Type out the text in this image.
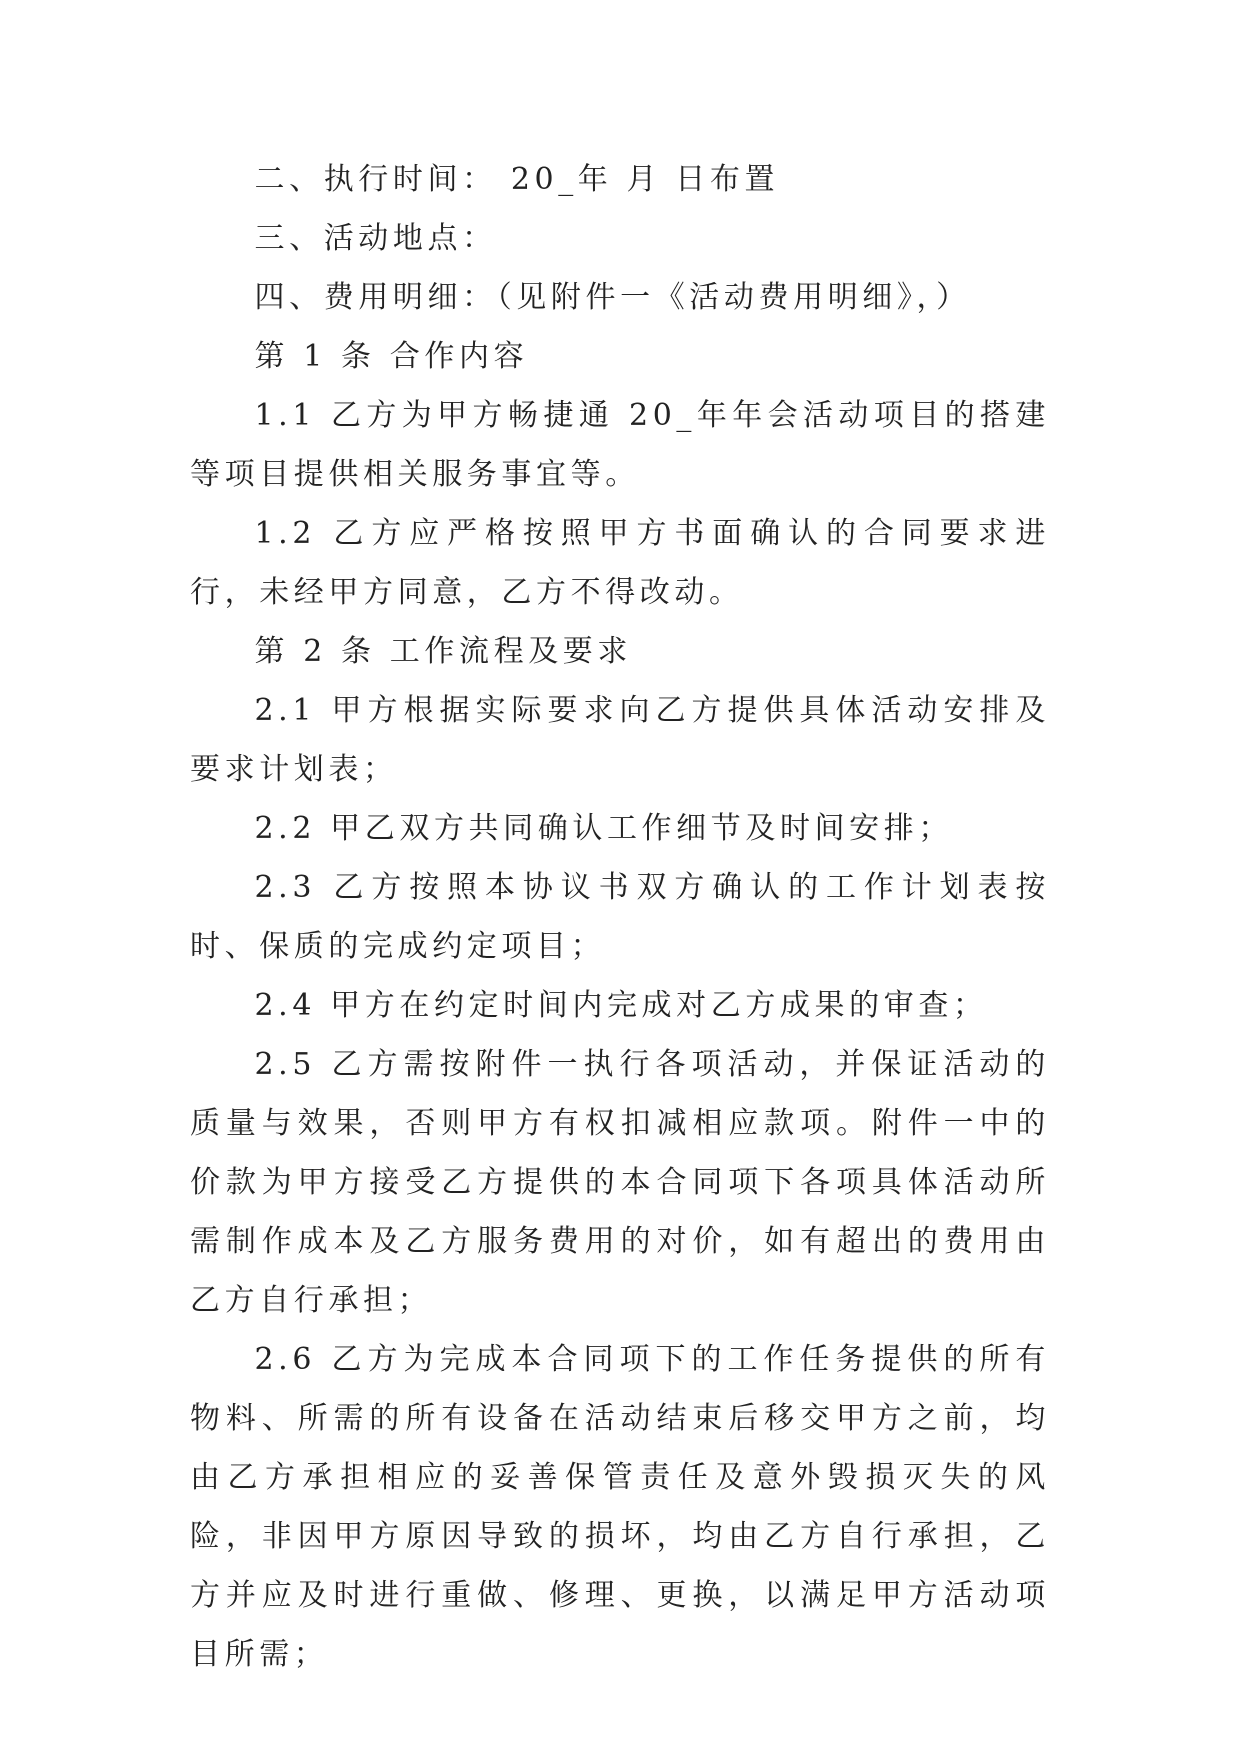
二、执行时间： 20_年 月 日布置

三、活动地点：

四、费用明细：（见附件一《活动费用明细》，）

第 1 条 合作内容

1.1 乙方为甲方畅捷通 20_年年会活动项目的搭建等项目提供相关服务事宜等。

1.2 乙方应严格按照甲方书面确认的合同要求进行，未经甲方同意，乙方不得改动。

第 2 条 工作流程及要求

2.1 甲方根据实际要求向乙方提供具体活动安排及要求计划表；

2.2 甲乙双方共同确认工作细节及时间安排；

2.3 乙方按照本协议书双方确认的工作计划表按时、保质的完成约定项目；

2.4 甲方在约定时间内完成对乙方成果的审查；

2.5 乙方需按附件一执行各项活动，并保证活动的质量与效果，否则甲方有权扣减相应款项。附件一中的价款为甲方接受乙方提供的本合同项下各项具体活动所需制作成本及乙方服务费用的对价，如有超出的费用由乙方自行承担；

2.6 乙方为完成本合同项下的工作任务提供的所有物料、所需的所有设备在活动结束后移交甲方之前，均由乙方承担相应的妥善保管责任及意外毁损灭失的风险，非因甲方原因导致的损坏，均由乙方自行承担，乙方并应及时进行重做、修理、更换，以满足甲方活动项目所需；
